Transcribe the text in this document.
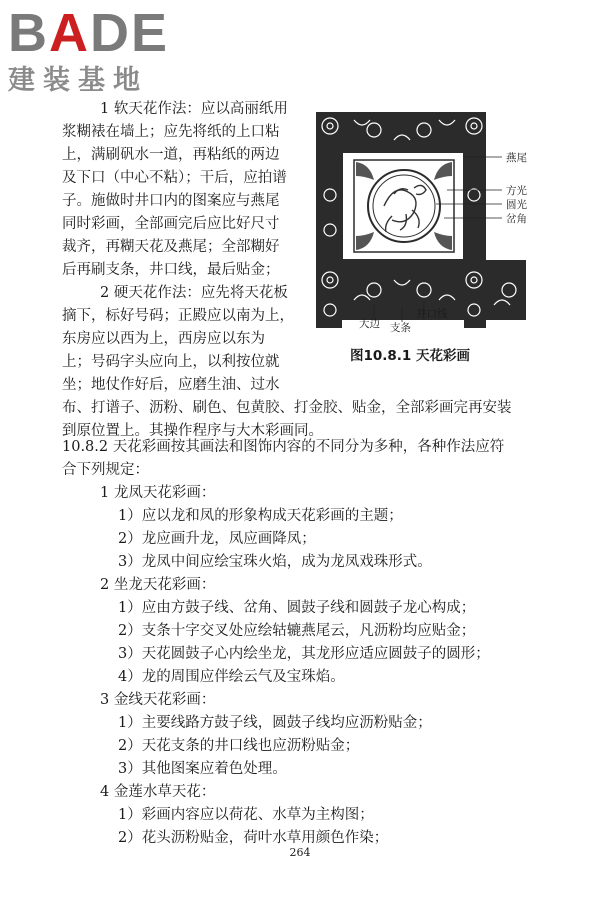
BADE
建装基地
1 软天花作法：应以高丽纸用
浆糊裱在墙上；应先将纸的上口粘
上，满刷矾水一道，再粘纸的两边
及下口（中心不粘）；干后，应拍谱
子。施做时井口内的图案应与燕尾
同时彩画，全部画完后应比好尺寸
裁齐，再糊天花及燕尾；全部糊好
后再刷支条，井口线，最后贴金；
2 硬天花作法：应先将天花板
摘下，标好号码；正殿应以南为上，
东房应以西为上，西房应以东为
上；号码字头应向上，以利按位就
坐；地仗作好后，应磨生油、过水
布、打谱子、沥粉、刷色、包黄胶、打金胶、贴金，全部彩画完再安装
到原位置上。其操作程序与大木彩画同。
燕尾
方光
圆光
岔角
大边 支条
井口线
图10.8.1 天花彩画
10.8.2 天花彩画按其画法和图饰内容的不同分为多种，各种作法应符
合下列规定：
1 龙凤天花彩画：
1）应以龙和凤的形象构成天花彩画的主题；
2）龙应画升龙，凤应画降凤；
3）龙凤中间应绘宝珠火焰，成为龙凤戏珠形式。
2 坐龙天花彩画：
1）应由方鼓子线、岔角、圆鼓子线和圆鼓子龙心构成；
2）支条十字交叉处应绘轱辘燕尾云，凡沥粉均应贴金；
3）天花圆鼓子心内绘坐龙，其龙形应适应圆鼓子的圆形；
4）龙的周围应伴绘云气及宝珠焰。
3 金线天花彩画：
1）主要线路方鼓子线，圆鼓子线均应沥粉贴金；
2）天花支条的井口线也应沥粉贴金；
3）其他图案应着色处理。
4 金莲水草天花：
1）彩画内容应以荷花、水草为主构图；
2）花头沥粉贴金，荷叶水草用颜色作染；
264
